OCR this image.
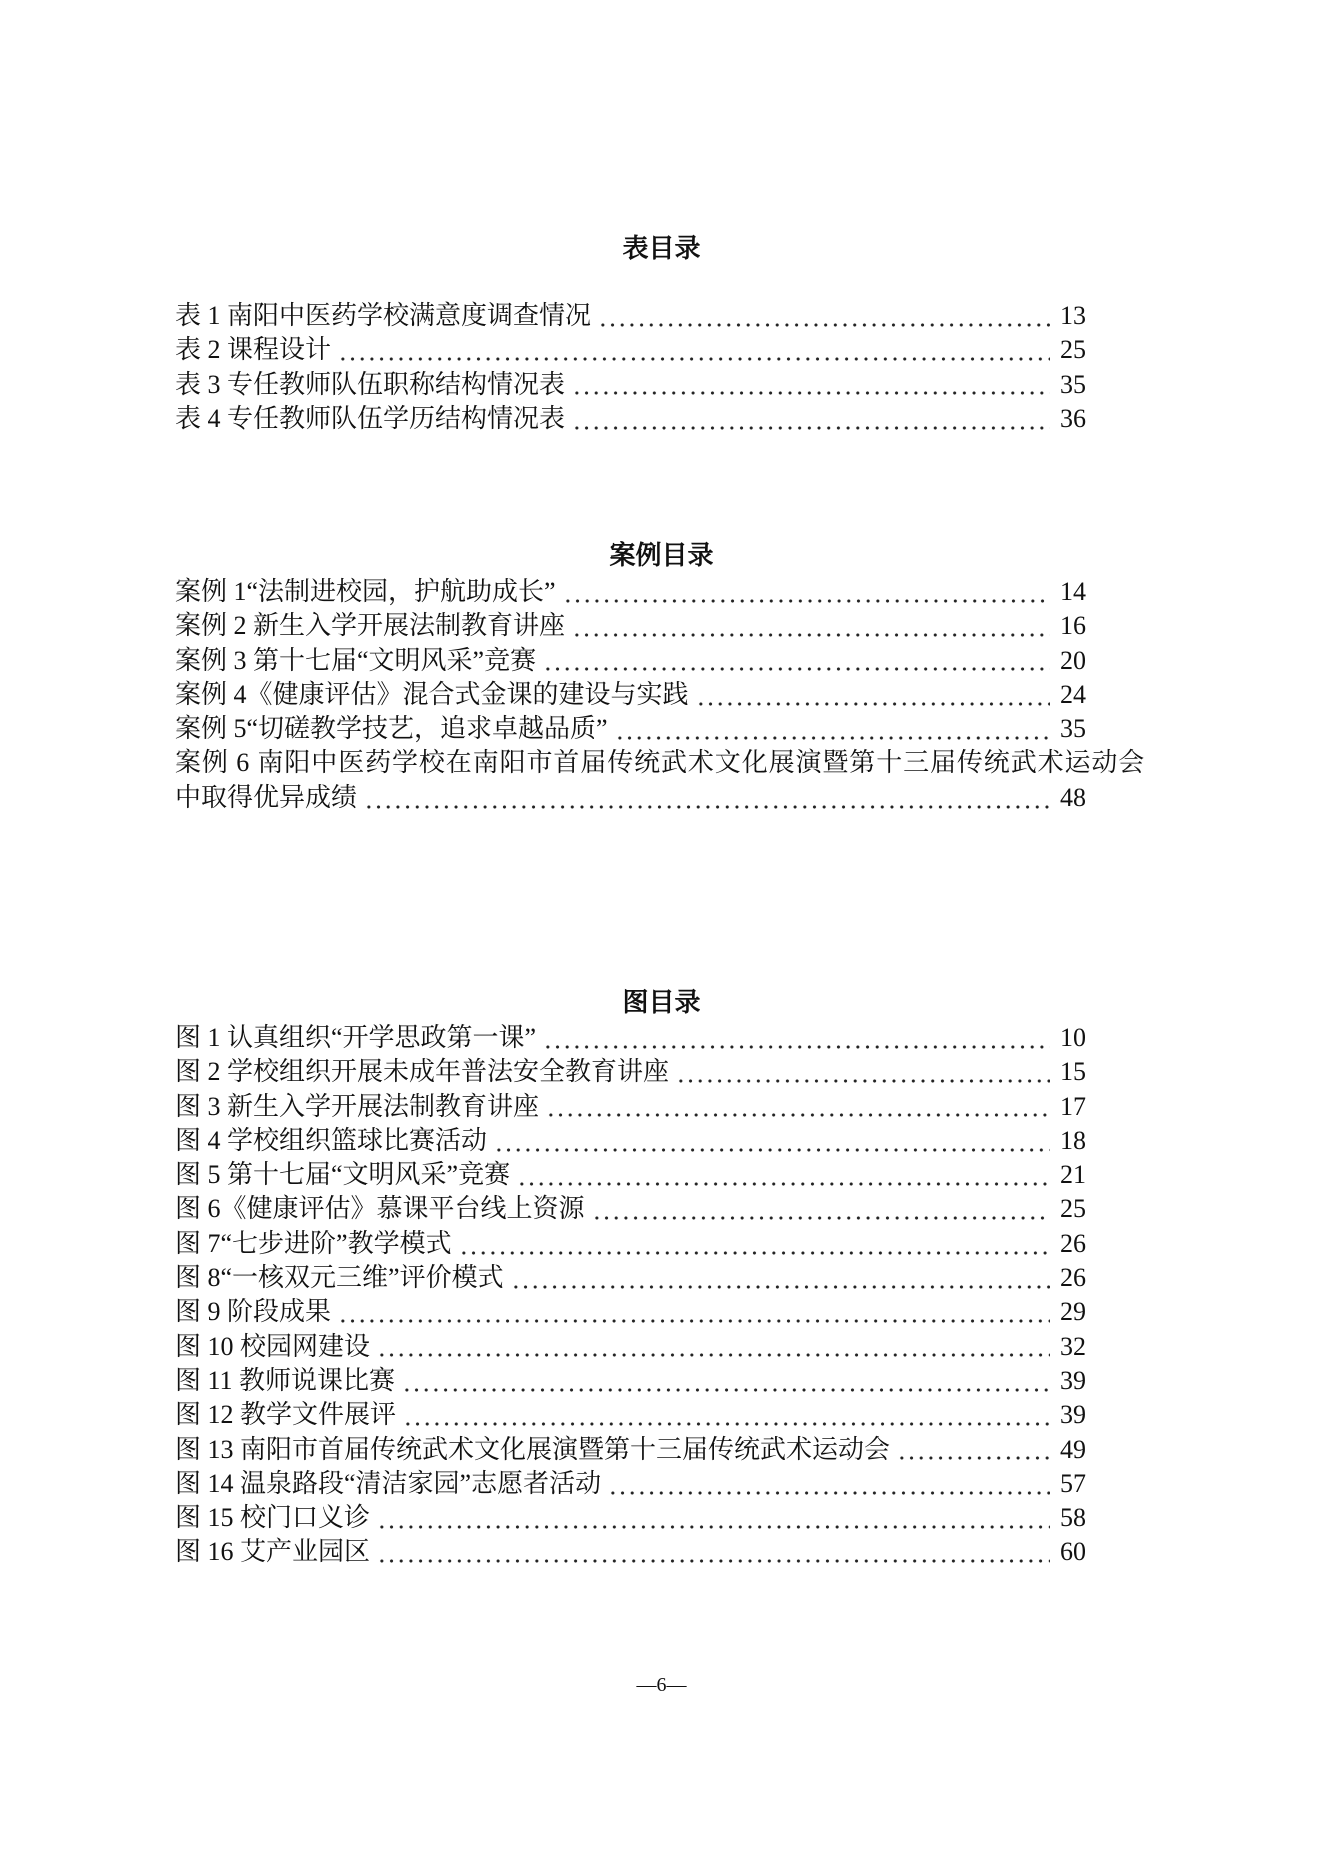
表目录
表 1 南阳中医药学校满意度调查情况	13
表 2 课程设计	25
表 3 专任教师队伍职称结构情况表	35
表 4 专任教师队伍学历结构情况表	36
案例目录
案例 1“法制进校园，护航助成长”	14
案例 2 新生入学开展法制教育讲座	16
案例 3 第十七届“文明风采”竞赛	20
案例 4《健康评估》混合式金课的建设与实践	24
案例 5“切磋教学技艺，追求卓越品质”	35
案例 6 南阳中医药学校在南阳市首届传统武术文化展演暨第十三届传统武术运动会
中取得优异成绩	48
图目录
图 1 认真组织“开学思政第一课”	10
图 2 学校组织开展未成年普法安全教育讲座	15
图 3 新生入学开展法制教育讲座	17
图 4 学校组织篮球比赛活动	18
图 5 第十七届“文明风采”竞赛	21
图 6《健康评估》慕课平台线上资源	25
图 7“七步进阶”教学模式	26
图 8“一核双元三维”评价模式	26
图 9 阶段成果	29
图 10 校园网建设	32
图 11 教师说课比赛	39
图 12 教学文件展评	39
图 13 南阳市首届传统武术文化展演暨第十三届传统武术运动会	49
图 14 温泉路段“清洁家园”志愿者活动	57
图 15 校门口义诊	58
图 16 艾产业园区	60
—6—
